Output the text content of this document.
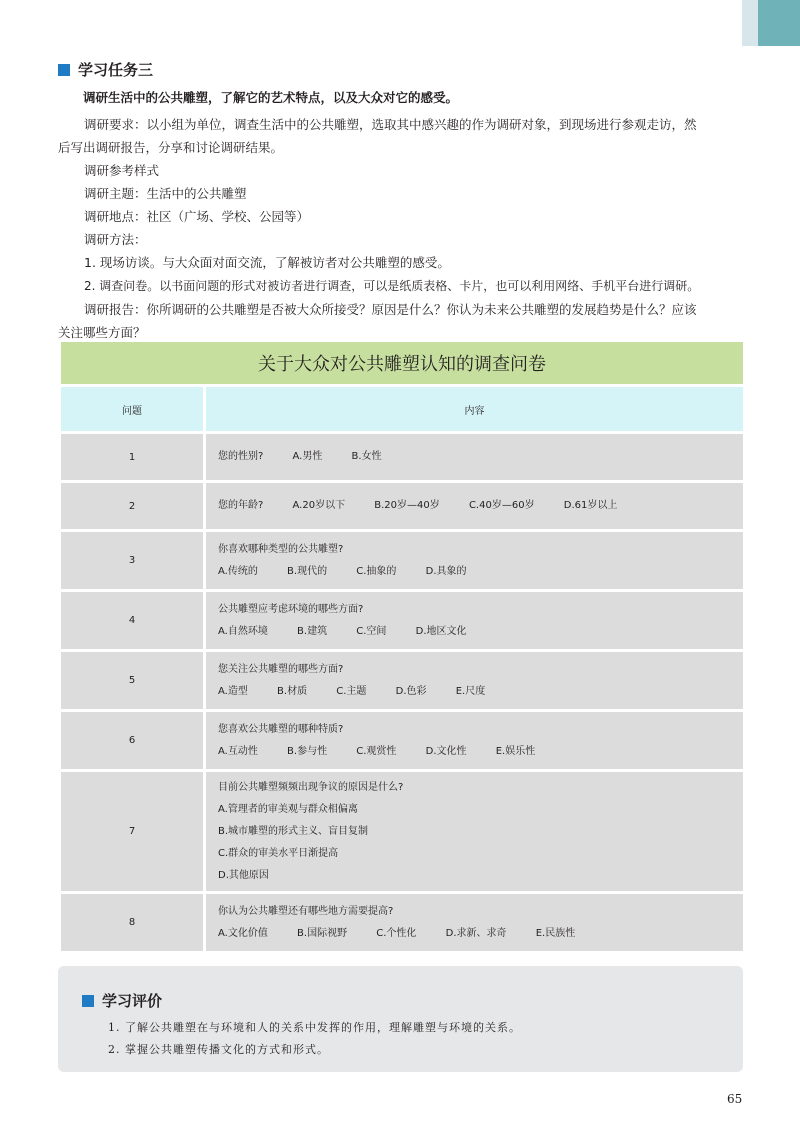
学习任务三
调研生活中的公共雕塑，了解它的艺术特点，以及大众对它的感受。
调研要求：以小组为单位，调查生活中的公共雕塑，选取其中感兴趣的作为调研对象，到现场进行参观走访，然
后写出调研报告，分享和讨论调研结果。
调研参考样式
调研主题：生活中的公共雕塑
调研地点：社区（广场、学校、公园等）
调研方法：
1. 现场访谈。与大众面对面交流，了解被访者对公共雕塑的感受。
2. 调查问卷。以书面问题的形式对被访者进行调查，可以是纸质表格、卡片，也可以利用网络、手机平台进行调研。
调研报告：你所调研的公共雕塑是否被大众所接受？原因是什么？你认为未来公共雕塑的发展趋势是什么？应该
关注哪些方面？
关于大众对公共雕塑认知的调查问卷	
问题	内容
1	您的性别? A.男性 B.女性

2	您的年龄? A.20岁以下 B.20岁—40岁 C.40岁—60岁 D.61岁以上

3	你喜欢哪种类型的公共雕塑?
A.传统的 B.现代的 C.抽象的 D.具象的

4	公共雕塑应考虑环境的哪些方面?
A.自然环境 B.建筑 C.空间 D.地区文化

5	您关注公共雕塑的哪些方面?
A.造型 B.材质 C.主题 D.色彩 E.尺度

6	您喜欢公共雕塑的哪种特质?
A.互动性 B.参与性 C.观赏性 D.文化性 E.娱乐性

7	目前公共雕塑频频出现争议的原因是什么?
A.管理者的审美观与群众相偏离
B.城市雕塑的形式主义、盲目复制
C.群众的审美水平日渐提高
D.其他原因

8	你认为公共雕塑还有哪些地方需要提高?
A.文化价值 B.国际视野 C.个性化 D.求新、求奇 E.民族性
学习评价
1. 了解公共雕塑在与环境和人的关系中发挥的作用，理解雕塑与环境的关系。
2. 掌握公共雕塑传播文化的方式和形式。
65
